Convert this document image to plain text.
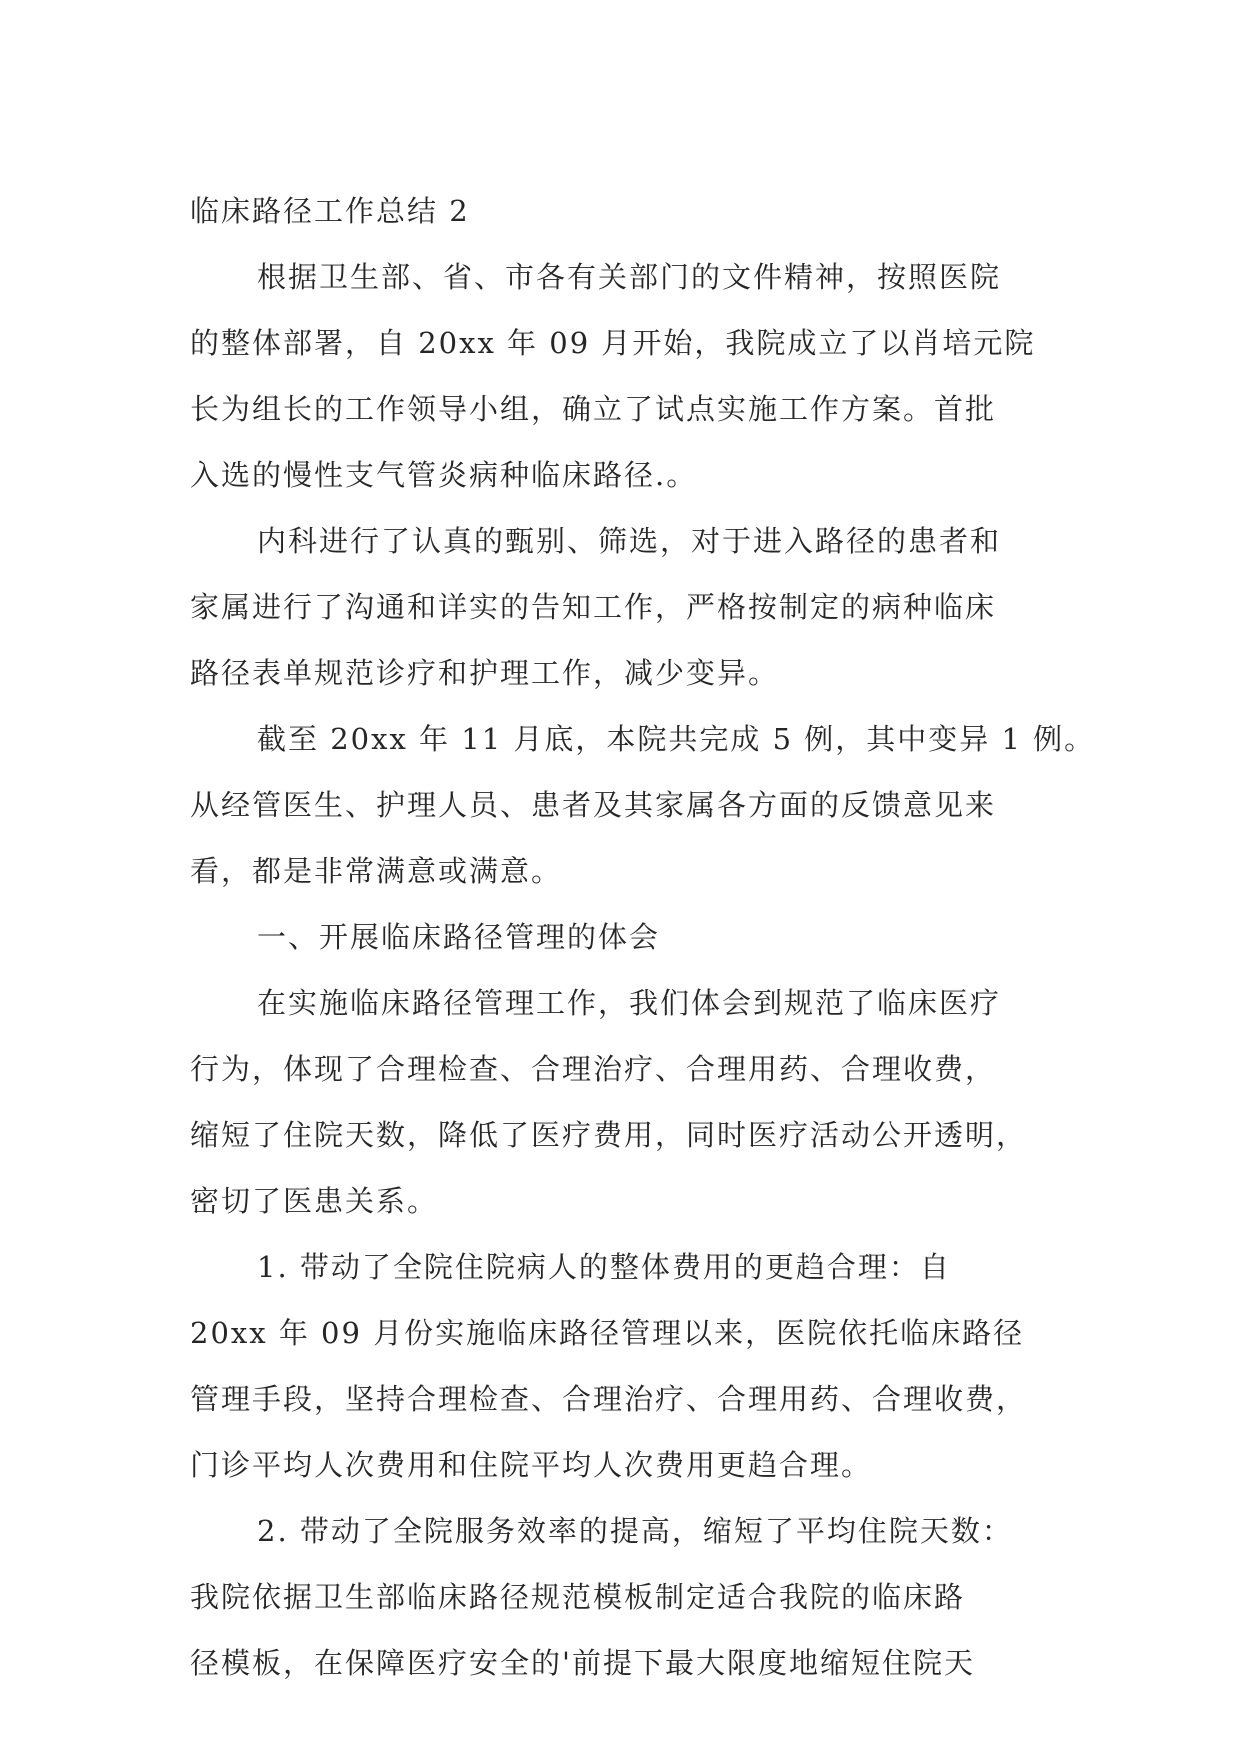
临床路径工作总结 2

根据卫生部、省、市各有关部门的文件精神，按照医院

的整体部署，自 20xx 年 09 月开始，我院成立了以肖培元院

长为组长的工作领导小组，确立了试点实施工作方案。首批

入选的慢性支气管炎病种临床路径.。

内科进行了认真的甄别、筛选，对于进入路径的患者和

家属进行了沟通和详实的告知工作，严格按制定的病种临床

路径表单规范诊疗和护理工作，减少变异。

截至 20xx 年 11 月底，本院共完成 5 例，其中变异 1 例。

从经管医生、护理人员、患者及其家属各方面的反馈意见来

看，都是非常满意或满意。

一、开展临床路径管理的体会

在实施临床路径管理工作，我们体会到规范了临床医疗

行为，体现了合理检查、合理治疗、合理用药、合理收费，

缩短了住院天数，降低了医疗费用，同时医疗活动公开透明，

密切了医患关系。

1. 带动了全院住院病人的整体费用的更趋合理：自

20xx 年 09 月份实施临床路径管理以来，医院依托临床路径

管理手段，坚持合理检查、合理治疗、合理用药、合理收费，

门诊平均人次费用和住院平均人次费用更趋合理。

2. 带动了全院服务效率的提高，缩短了平均住院天数：

我院依据卫生部临床路径规范模板制定适合我院的临床路

径模板，在保障医疗安全的'前提下最大限度地缩短住院天
